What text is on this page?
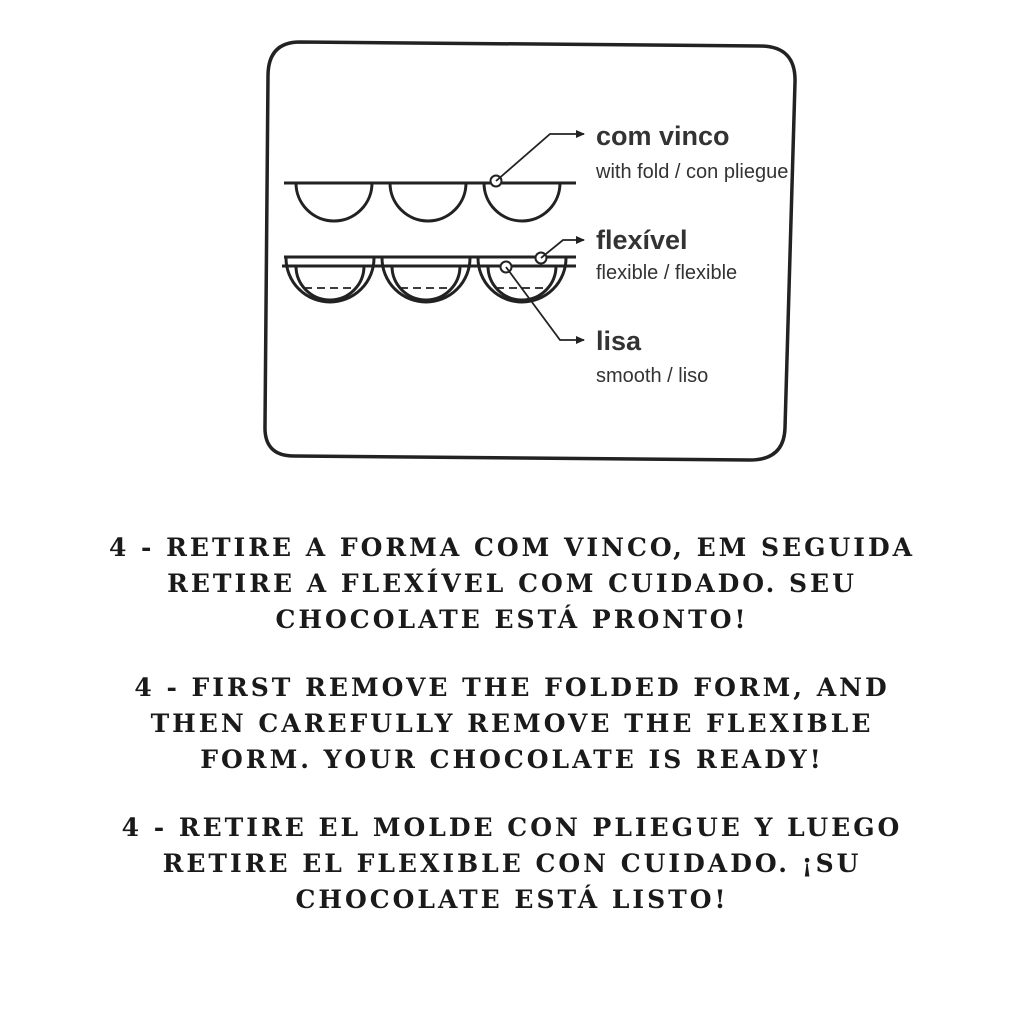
com vinco
with fold / con pliegue
flexível
flexible / flexible
lisa
smooth / liso

4 - RETIRE A FORMA COM VINCO, EM SEGUIDA
RETIRE A FLEXÍVEL COM CUIDADO. SEU
CHOCOLATE ESTÁ PRONTO!

4 - FIRST REMOVE THE FOLDED FORM, AND
THEN CAREFULLY REMOVE THE FLEXIBLE
FORM. YOUR CHOCOLATE IS READY!

4 - RETIRE EL MOLDE CON PLIEGUE Y LUEGO
RETIRE EL FLEXIBLE CON CUIDADO. ¡SU
CHOCOLATE ESTÁ LISTO!
